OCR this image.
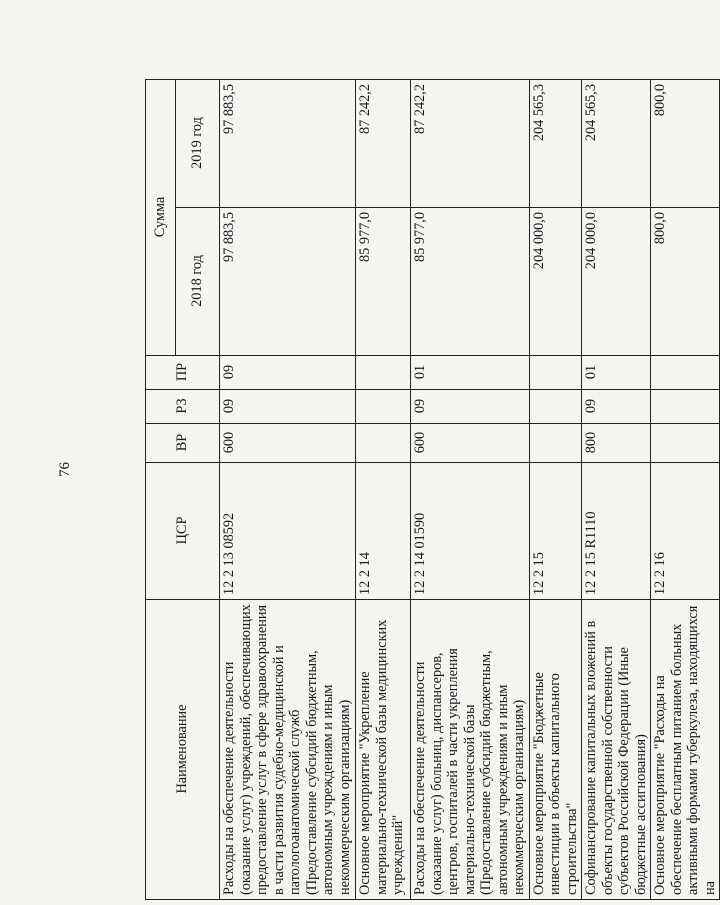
76
Наименование	ЦСР	ВР	РЗ	ПР	Сумма	
					2018 год	2019 год
Расходы на обеспечение деятельности (оказание услуг) учреждений, обеспечивающих предоставление услуг в сфере здравоохранения в части развития судебно-медицинской и патологоанатомической служб (Предоставление субсидий бюджетным, автономным учреждениям и иным некоммерческим организациям)	12 2 13 08592	600	09	09	97 883,5	97 883,5
Основное мероприятие "Укрепление материально-технической базы медицинских учреждений"	12 2 14				85 977,0	87 242,2
Расходы на обеспечение деятельности (оказание услуг) больниц, диспансеров, центров, госпиталей в части укрепления материально-технической базы (Предоставление субсидий бюджетным, автономным учреждениям и иным некоммерческим организациям)	12 2 14 01590	600	09	01	85 977,0	87 242,2
Основное мероприятие "Бюджетные инвестиции в объекты капитального строительства"	12 2 15				204 000,0	204 565,3
Софинансирование капитальных вложений в объекты государственной собственности субъектов Российской Федерации (Иные бюджетные ассигнования)	12 2 15 R1110	800	09	01	204 000,0	204 565,3
Основное мероприятие "Расходы на обеспечение бесплатным питанием больных активными формами туберкулеза, находящихся на	12 2 16				800,0	800,0
